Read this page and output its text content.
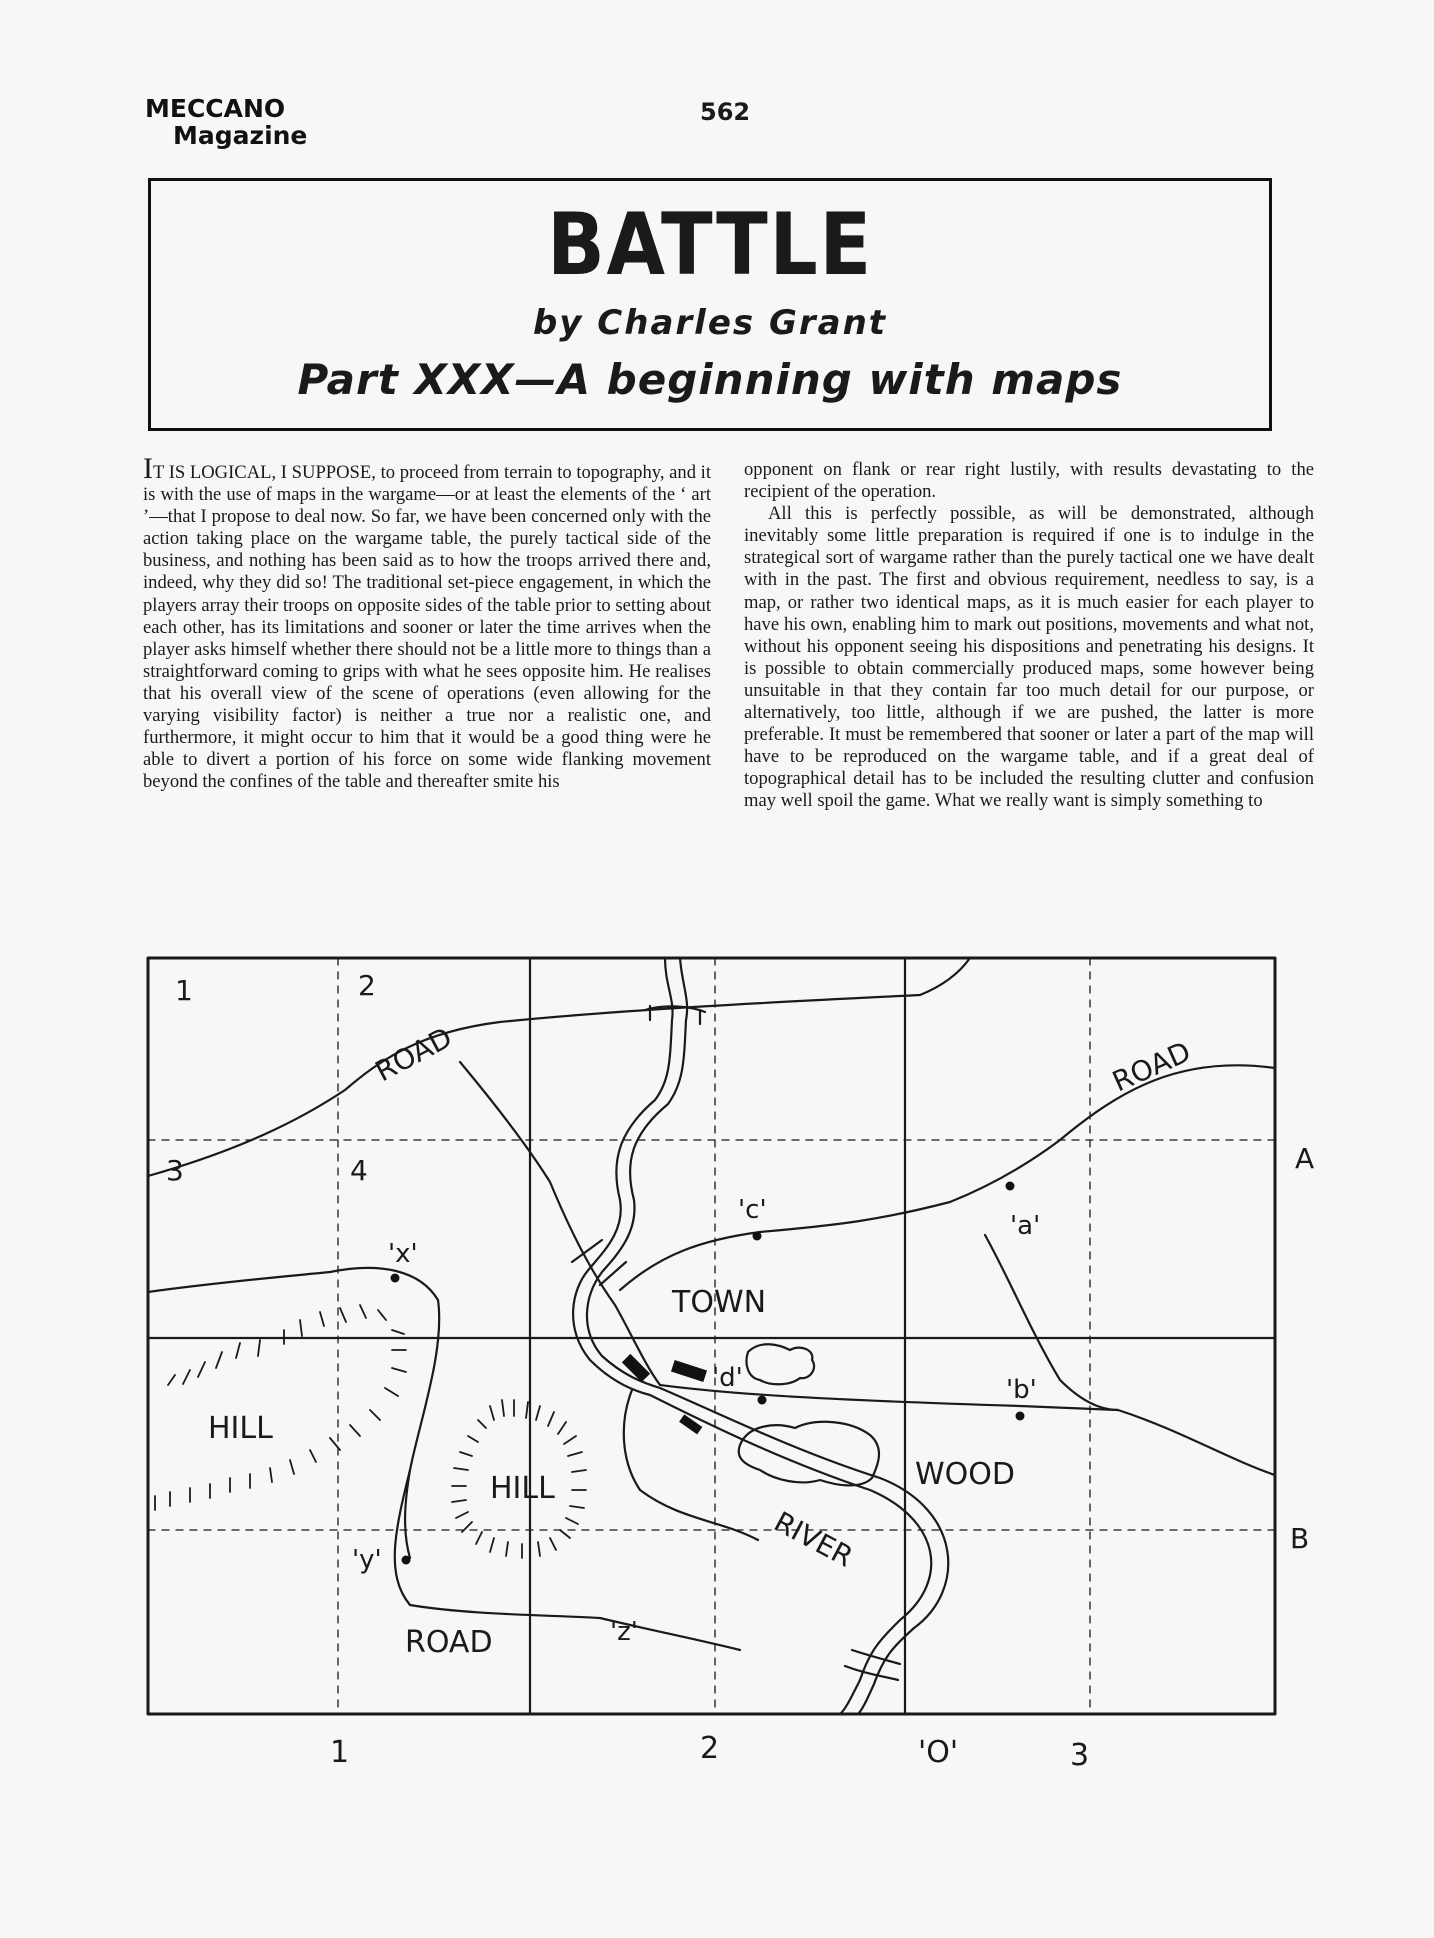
MECCANO
Magazine
562
BATTLE
by Charles Grant
Part XXX—A beginning with maps

IT IS LOGICAL, I SUPPOSE, to proceed from terrain to topography, and it is with the use of maps in the wargame—or at least the elements of the ‘ art ’—that I propose to deal now. So far, we have been concerned only with the action taking place on the wargame table, the purely tactical side of the business, and nothing has been said as to how the troops arrived there and, indeed, why they did so! The traditional set-piece engagement, in which the players array their troops on opposite sides of the table prior to setting about each other, has its limitations and sooner or later the time arrives when the player asks himself whether there should not be a little more to things than a straightforward coming to grips with what he sees opposite him. He realises that his overall view of the scene of operations (even allowing for the varying visibility factor) is neither a true nor a realistic one, and furthermore, it might occur to him that it would be a good thing were he able to divert a portion of his force on some wide flanking movement beyond the confines of the table and thereafter smite his

opponent on flank or rear right lustily, with results devastating to the recipient of the operation.

All this is perfectly possible, as will be demonstrated, although inevitably some little preparation is required if one is to indulge in the strategical sort of wargame rather than the purely tactical one we have dealt with in the past. The first and obvious requirement, needless to say, is a map, or rather two identical maps, as it is much easier for each player to have his own, enabling him to mark out positions, movements and what not, without his opponent seeing his dispositions and penetrating his designs. It is possible to obtain commercially produced maps, some however being unsuitable in that they contain far too much detail for our purpose, or alternatively, too little, although if we are pushed, the latter is more preferable. It must be remembered that sooner or later a part of the map will have to be reproduced on the wargame table, and if a great deal of topographical detail has to be included the resulting clutter and confusion may well spoil the game. What we really want is simply something to

1	2
3	4	A
B
1	2	'O'	3
ROAD	ROAD
ROAD
TOWN
HILL
HILL	WOOD
RIVER
'a'
'b'
'c'
'd'
'x'
'y'
'z'
